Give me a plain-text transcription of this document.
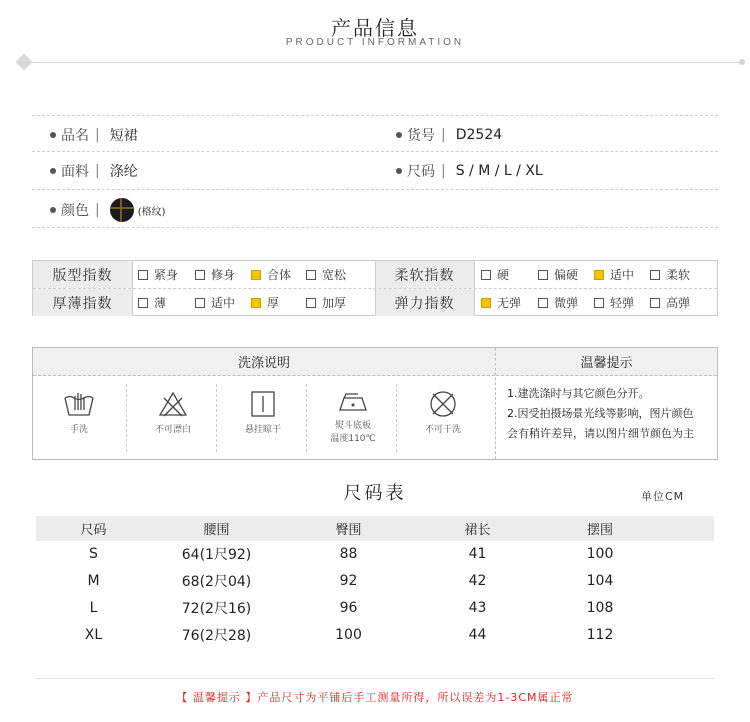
产品信息
PRODUCT INFORMATION
品名 | 短裙	货号 | D2524
面料 | 涤纶	尺码 | S / M / L / XL
颜色 |	(格纹)
版型指数	紧身	修身	合体	宽松	柔软指数	硬	偏硬	适中	柔软
厚薄指数	薄	适中	厚	加厚	弹力指数	无弹	微弹	轻弹	高弹
洗涤说明	温馨提示
手洗	不可漂白	悬挂晾干	熨斗底板
温度110℃
不可干洗
1.建洗涤时与其它颜色分开。
2.因受拍摄场景光线等影响，图片颜色
会有稍许差异，请以图片细节颜色为主
尺码表	单位CM
尺码	腰围	臀围	裙长	摆围
S	64(1尺92)	88	41	100
M	68(2尺04)	92	42	104
L	72(2尺16)	96	43	108
XL	76(2尺28)	100	44	112
【 温馨提示 】产品尺寸为平铺后手工测量所得，所以误差为1-3CM属正常
